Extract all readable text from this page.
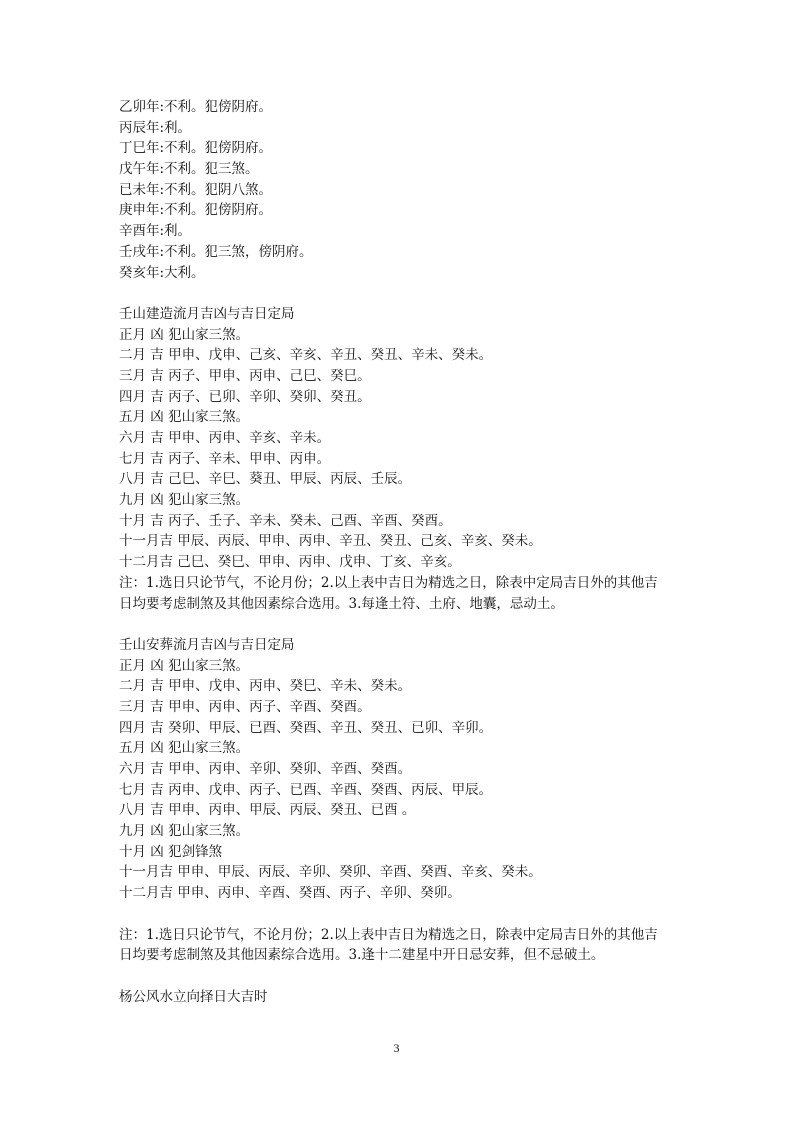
乙卯年:不利。犯傍阴府。
丙辰年:利。
丁巳年:不利。犯傍阴府。
戊午年:不利。犯三煞。
已未年:不利。犯阴八煞。
庚申年:不利。犯傍阴府。
辛酉年:利。
壬戌年:不利。犯三煞，傍阴府。
癸亥年:大利。
壬山建造流月吉凶与吉日定局
正月 凶 犯山家三煞。
二月 吉 甲申、戊申、己亥、辛亥、辛丑、癸丑、辛未、癸未。
三月 吉 丙子、甲申、丙申、己巳、癸巳。
四月 吉 丙子、已卯、辛卯、癸卯、癸丑。
五月 凶 犯山家三煞。
六月 吉 甲申、丙申、辛亥、辛未。
七月 吉 丙子、辛未、甲申、丙申。
八月 吉 己巳、辛巳、葵丑、甲辰、丙辰、壬辰。
九月 凶 犯山家三煞。
十月 吉 丙子、壬子、辛未、癸未、己酉、辛酉、癸酉。
十一月吉 甲辰、丙辰、甲申、丙申、辛丑、癸丑、己亥、辛亥、癸未。
十二月吉 己巳、癸巳、甲申、丙申、戊申、丁亥、辛亥。
注：1.选日只论节气，不论月份；2.以上表中吉日为精选之日，除表中定局吉日外的其他吉
日均要考虑制煞及其他因素综合选用。3.每逢土符、土府、地囊，忌动土。
壬山安葬流月吉凶与吉日定局
正月 凶 犯山家三煞。
二月 吉 甲申、戊申、丙申、癸巳、辛未、癸未。
三月 吉 甲申、丙申、丙子、辛酉、癸酉。
四月 吉 癸卯、甲辰、已酉、癸酉、辛丑、癸丑、已卯、辛卯。
五月 凶 犯山家三煞。
六月 吉 甲申、丙申、辛卯、癸卯、辛酉、癸酉。
七月 吉 丙申、戊申、丙子、已酉、辛酉、癸酉、丙辰、甲辰。
八月 吉 甲申、丙申、甲辰、丙辰、癸丑、已酉 。
九月 凶 犯山家三煞。
十月 凶 犯剑锋煞
十一月吉 甲申、甲辰、丙辰、辛卯、癸卯、辛酉、癸酉、辛亥、癸未。
十二月吉 甲申、丙申、辛酉、癸酉、丙子、辛卯、癸卯。
注：1.选日只论节气，不论月份；2.以上表中吉日为精选之日，除表中定局吉日外的其他吉
日均要考虑制煞及其他因素综合选用。3.逢十二建星中开日忌安葬，但不忌破土。
杨公风水立向择日大吉时
3
